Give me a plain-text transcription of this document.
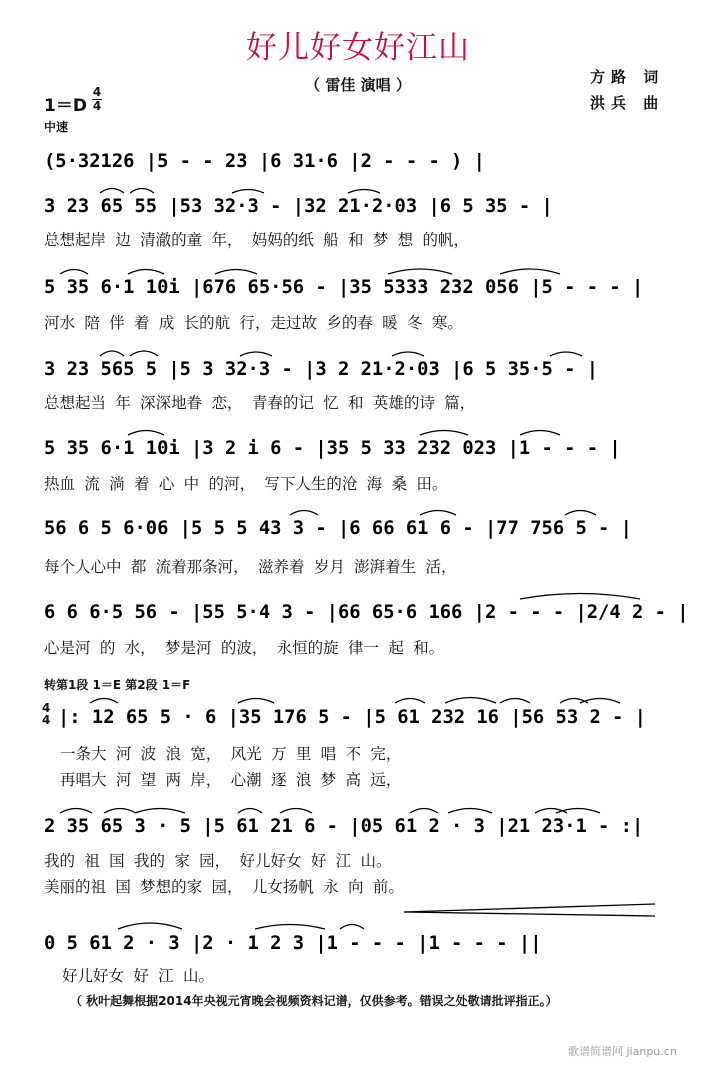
好儿好女好江山
（ 雷佳 演唱 ）	方路 词
洪兵 曲
1＝D
4
4
中速
(5·32126 |5 - - 23 |6 31·6 |2 - - - ) |
3 23 65 55 |53 32·3 - |32 21·2·03 |6 5 35 - |
5 35 6·1 10i |676 65·56 - |35 5333 232 056 |5 - - - |
3 23 565 5 |5 3 32·3 - |3 2 21·2·03 |6 5 35·5 - |
5 35 6·1 10i |3 2 i 6 - |35 5 33 232 023 |1 - - - |
56 6 5 6·06 |5 5 5 43 3 - |6 66 61 6 - |77 756 5 - |
6 6 6·5 56 - |55 5·4 3 - |66 65·6 166 |2 - - - |2/4 2 - |
|: 12 65 5 · 6 |35 176 5 - |5 61 232 16 |56 53 2 - |
2 35 65 3 · 5 |5 61 21 6 - |05 61 2 · 3 |21 23·1 - :|
0 5 61 2 · 3 |2 · 1 2 3 |1 - - - |1 - - - ||
总想起岸 边 清澈的童 年， 妈妈的纸 船 和 梦 想 的帆，
河水 陪 伴 着 成 长的航 行，走过故 乡的春 暖 冬 寒。
总想起当 年 深深地眷 恋， 青春的记 忆 和 英雄的诗 篇，
热血 流 淌 着 心 中 的河， 写下人生的沧 海 桑 田。
每个人心中 都 流着那条河， 滋养着 岁月 澎湃着生 活，
心是河 的 水， 梦是河 的波， 永恒的旋 律一 起 和。
一条大 河 波 浪 宽， 风光 万 里 唱 不 完，
再唱大 河 望 两 岸， 心潮 逐 浪 梦 高 远，
我的 祖 国 我的 家 园， 好儿好女 好 江 山。
美丽的祖 国 梦想的家 园， 儿女扬帆 永 向 前。
好儿好女 好 江 山。
转第1段 1＝E 第2段 1＝F
4
4
（ 秋叶起舞根据2014年央视元宵晚会视频资料记谱，仅供参考。错误之处敬请批评指正。）
歌谱简谱网 jianpu.cn
